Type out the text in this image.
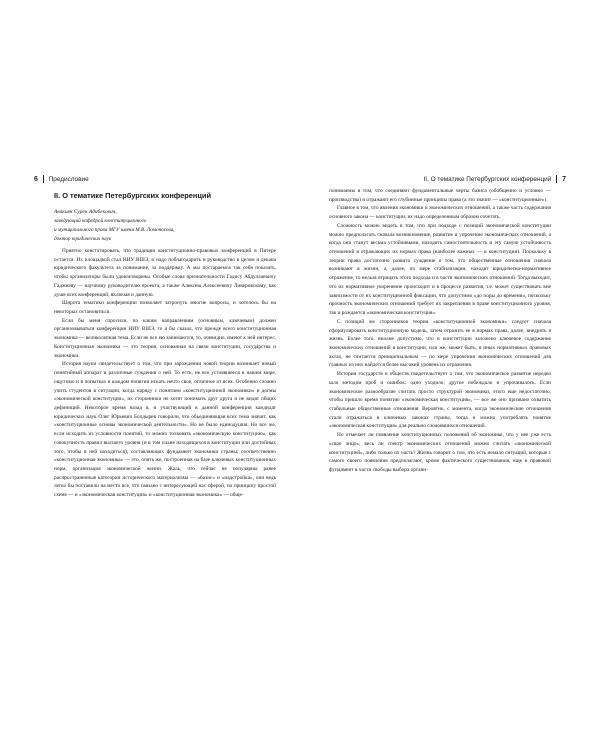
6 Предисловие
II. О тематике Петербургских конференций
Авакьян Сурен Адибекович,
заведующий кафедрой конституционного
и муниципального права МГУ имени М.В. Ломоносова,
доктор юридических наук

Приятно констатировать, что традиции конституционно-правовых конференций в Питере остается. Их площадкой стал НИУ ВШЭ, и надо поблагодарить и руководство в целом и декана юридического факультета за понимание, за поддержку. А мы постараемся так себя показать, чтобы организаторы были удовлетворены. Особые слова признательности Гадису Абдуллаевичу Гаджиеву — научному руководителю проекта, а также Алексею Алексеевичу Ливеровскому, как душе всех конференций, включая и данную.

Широта тематики конференции позволяет затронуть многие вопросы, и хотелось бы на некоторых остановиться.

Если бы меня спросили, по каким направлениям (основным, ключевым) должен организовываться конференции НИУ ВШЭ, то я бы сказал, что прежде всего конституционная экономика — великолепная тема. Если не все ею занимаются, то, очевидно, имеют к ней интерес. Конституционная экономика — это теория, основанная на связи конституции, государства и экономики.

История науки свидетельствует о том, что при зарождении новой теории возникает новый понятийный аппарат и различные суждения о ней. То есть, не все устоявшееся в нашем мире, ощутимо и в попытках в каждом понятии искать нечто свое, отличное от всех. Особенно сложно учить студентов в ситуации, когда наряду с понятием «конституционной экономики» и догмы «экономической конституции», их сторонники не хотят понимать друг друга и не видят общих дефиниций. Некоторое время назад я, и участвующий в данной конференции кандидат юридических наук Олег Юрьевич Болдырев говорили, что объединяющая всех тема значит, как «конституционные основы экономической деятельности». Но не было единодушия. Но все же, если исходить из условности понятий, то можно толковать «экономическую конституцию», как совокупность правил высшего уровня (и в том плане находящихся в конституции или достойных того, чтобы в ней находиться), составляющих фундамент экономики страны; соответственно «конституционная экономика» — это, опять же, построенная на базе ключевых конституционных норм, организация экономической жизни. Жаль, что сейчас не популярны ранее распространенные категории исторического материализма — «базис» и «надстройка», они ведь легко бы поставили на место все, что связано с интересующей нас сферой, по принципу простой схеме — и «экономическая конституция» и «конституционная экономика» — обще-

II. О тематике Петербургских конференций 7

понимаемы в том, что соединяют фундаментальные черты базиса (обобщенно и условно — производства) и отражают его глубинные принципы права (а это значит — «конституционные»).

Главное в том, что явления экономики и экономических отношений, а также часть содержания основного закона — конституции, их надо определенным образом сочетать.

Сложность можно видеть в том, что при подходе с позиций экономической конституции можно предполагать сначала возникновение, развитие и упрочение экономических отношений, а когда они станут весьма устойчивыми, находить самостоятельность и эту самую устойчивость отношений в отражающих их нормах права (наиболее важных — в конституции). Поскольку в теории права достаточно развито суждение о том, что общественные отношения сначала возникают в жизни, а, далее, по мере стабилизации, находят юридическо-нормативное отражение, то нельзя отрицать этого подхода и в части экономических отношений. Тогда выходит, что их нормативное укоренение происходит и в процессе развития, т.е. может существовать вне зависимости от их конституционной фиксации, что допустимо «до поры до времени», поскольку прочность экономических отношений требует их закрепления в праве конституционного уровня, так и рождается «экономическая конституция».

С позиций же сторонников теории «конституционной экономики» следует сначала сформулировать конституционную модель, затем отразить ее в нормах права, далее, внедрять в жизнь. Более того, вполне допустимо, что в конституции заложено ключевое содержание экономических отношений в конституции, или же, может быть, в иных нормативных правовых актах, не считается принципиальным — по мере упрочения экономических отношений для главных из них найдется более высокий уровень их отражения.

Истории государств и обществ свидетельствует о том, что экономическое развитие нередко шло методом проб и ошибок: одно уходило, другое побеждало и упрочивалось. Если экономическое разнообразие считать просто структурой экономики, этого еще недостаточно, чтобы пришло время понятию «экономическая конституция», — все же оно призвано охватить стабильные общественные отношения. Вероятно, с момента, когда экономические отношения стали отражаться в ключевых законах страны, тогда и можно употреблять понятие «экономическая конституция» для реально сложившихся отношений.

Но отмечает ли появление конституционных положений об экономике, что у нее уже есть «свое лицо», весь ли спектр экономических отношений можно считать «экономической конституцией», либо только их часть? Жизнь говорит о том, что есть немало ситуаций, которые с самого своего появления предполагают, кроме фактического существования, еще и правовой фундамент в части свободы выбора органи-
